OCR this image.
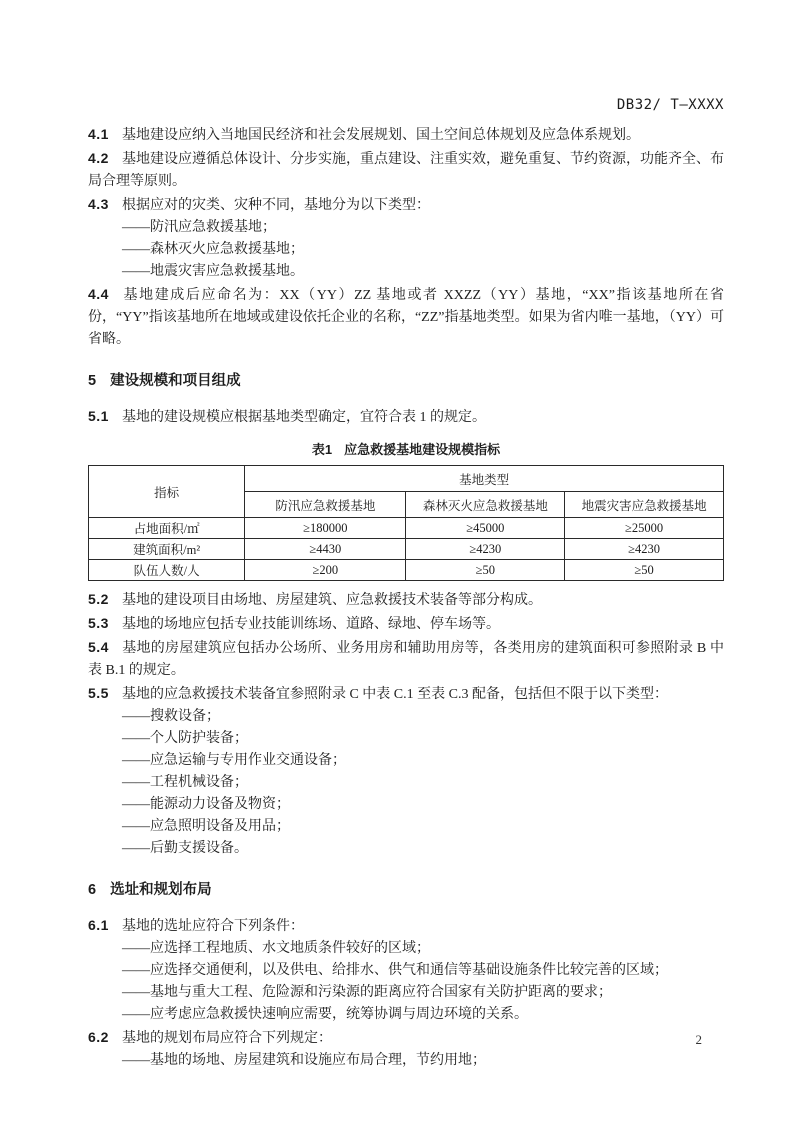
DB32/ T—XXXX

4.1 基地建设应纳入当地国民经济和社会发展规划、国土空间总体规划及应急体系规划。

4.2 基地建设应遵循总体设计、分步实施，重点建设、注重实效，避免重复、节约资源，功能齐全、布局合理等原则。

4.3 根据应对的灾类、灾种不同，基地分为以下类型：

——防汛应急救援基地；

——森林灭火应急救援基地；

——地震灾害应急救援基地。

4.4 基地建成后应命名为：XX（YY）ZZ 基地或者 XXZZ（YY）基地，“XX”指该基地所在省份，“YY”指该基地所在地域或建设依托企业的名称，“ZZ”指基地类型。如果为省内唯一基地，（YY）可省略。

5 建设规模和项目组成

5.1 基地的建设规模应根据基地类型确定，宜符合表 1 的规定。

表1 应急救援基地建设规模指标
指标	基地类型		
	防汛应急救援基地	森林灭火应急救援基地	地震灾害应急救援基地
占地面积/㎡	≥180000	≥45000	≥25000
建筑面积/m²	≥4430	≥4230	≥4230
队伍人数/人	≥200	≥50	≥50

5.2 基地的建设项目由场地、房屋建筑、应急救援技术装备等部分构成。

5.3 基地的场地应包括专业技能训练场、道路、绿地、停车场等。

5.4 基地的房屋建筑应包括办公场所、业务用房和辅助用房等，各类用房的建筑面积可参照附录 B 中表 B.1 的规定。

5.5 基地的应急救援技术装备宜参照附录 C 中表 C.1 至表 C.3 配备，包括但不限于以下类型：

——搜救设备；

——个人防护装备；

——应急运输与专用作业交通设备；

——工程机械设备；

——能源动力设备及物资；

——应急照明设备及用品；

——后勤支援设备。

6 选址和规划布局

6.1 基地的选址应符合下列条件：

——应选择工程地质、水文地质条件较好的区域；

——应选择交通便利，以及供电、给排水、供气和通信等基础设施条件比较完善的区域；

——基地与重大工程、危险源和污染源的距离应符合国家有关防护距离的要求；

——应考虑应急救援快速响应需要，统筹协调与周边环境的关系。

6.2 基地的规划布局应符合下列规定：

——基地的场地、房屋建筑和设施应布局合理，节约用地；

2
